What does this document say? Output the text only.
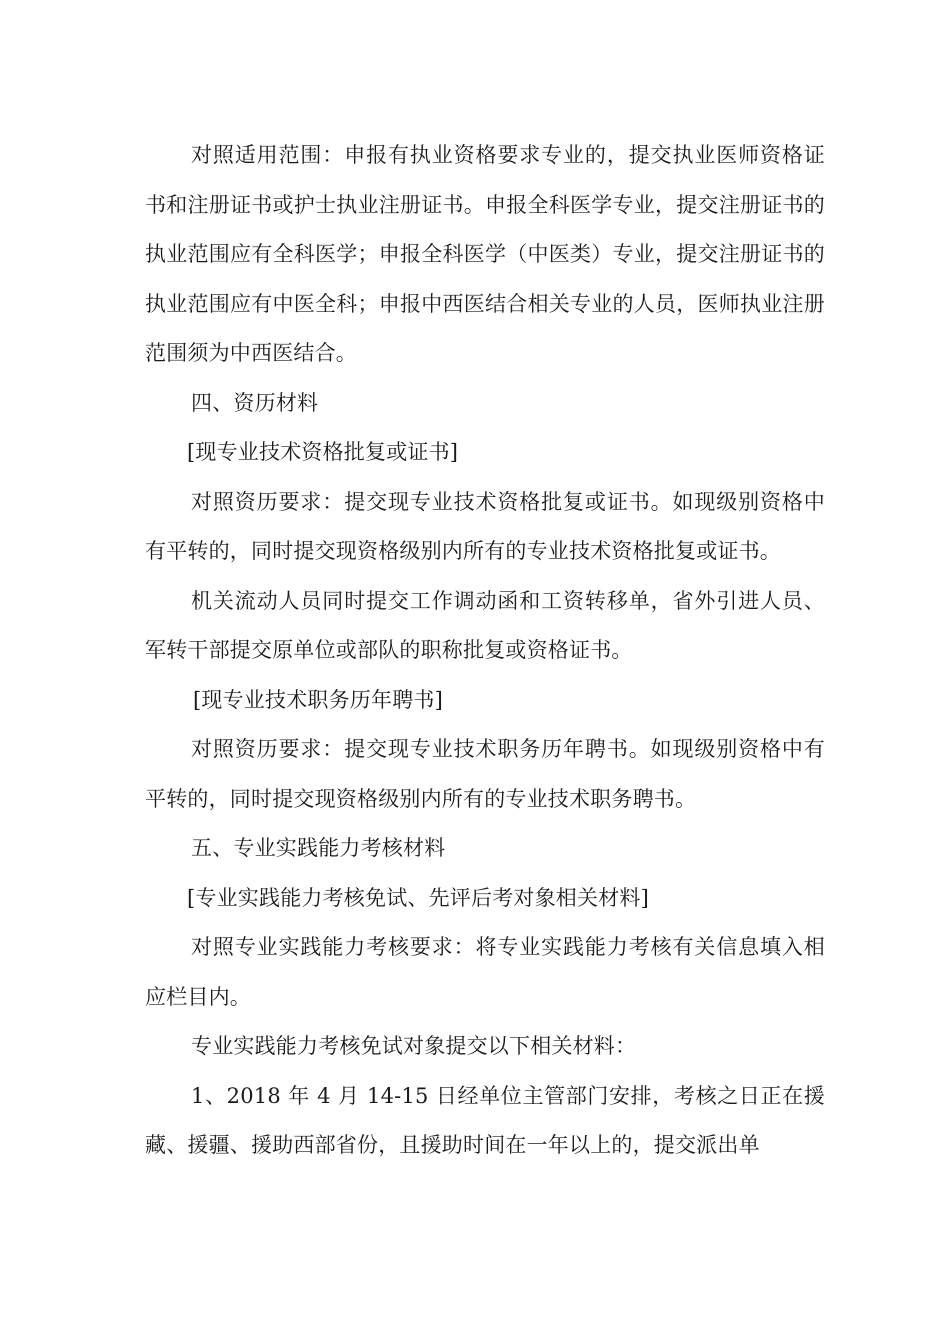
对照适用范围：申报有执业资格要求专业的，提交执业医师资格证书和注册证书或护士执业注册证书。申报全科医学专业，提交注册证书的执业范围应有全科医学；申报全科医学（中医类）专业，提交注册证书的执业范围应有中医全科；申报中西医结合相关专业的人员，医师执业注册范围须为中西医结合。

四、资历材料

[现专业技术资格批复或证书]

对照资历要求：提交现专业技术资格批复或证书。如现级别资格中有平转的，同时提交现资格级别内所有的专业技术资格批复或证书。

机关流动人员同时提交工作调动函和工资转移单，省外引进人员、军转干部提交原单位或部队的职称批复或资格证书。

[现专业技术职务历年聘书]

对照资历要求：提交现专业技术职务历年聘书。如现级别资格中有平转的，同时提交现资格级别内所有的专业技术职务聘书。

五、专业实践能力考核材料

[专业实践能力考核免试、先评后考对象相关材料]

对照专业实践能力考核要求：将专业实践能力考核有关信息填入相应栏目内。

专业实践能力考核免试对象提交以下相关材料：

1、2018 年 4 月 14-15 日经单位主管部门安排，考核之日正在援藏、援疆、援助西部省份，且援助时间在一年以上的，提交派出单
